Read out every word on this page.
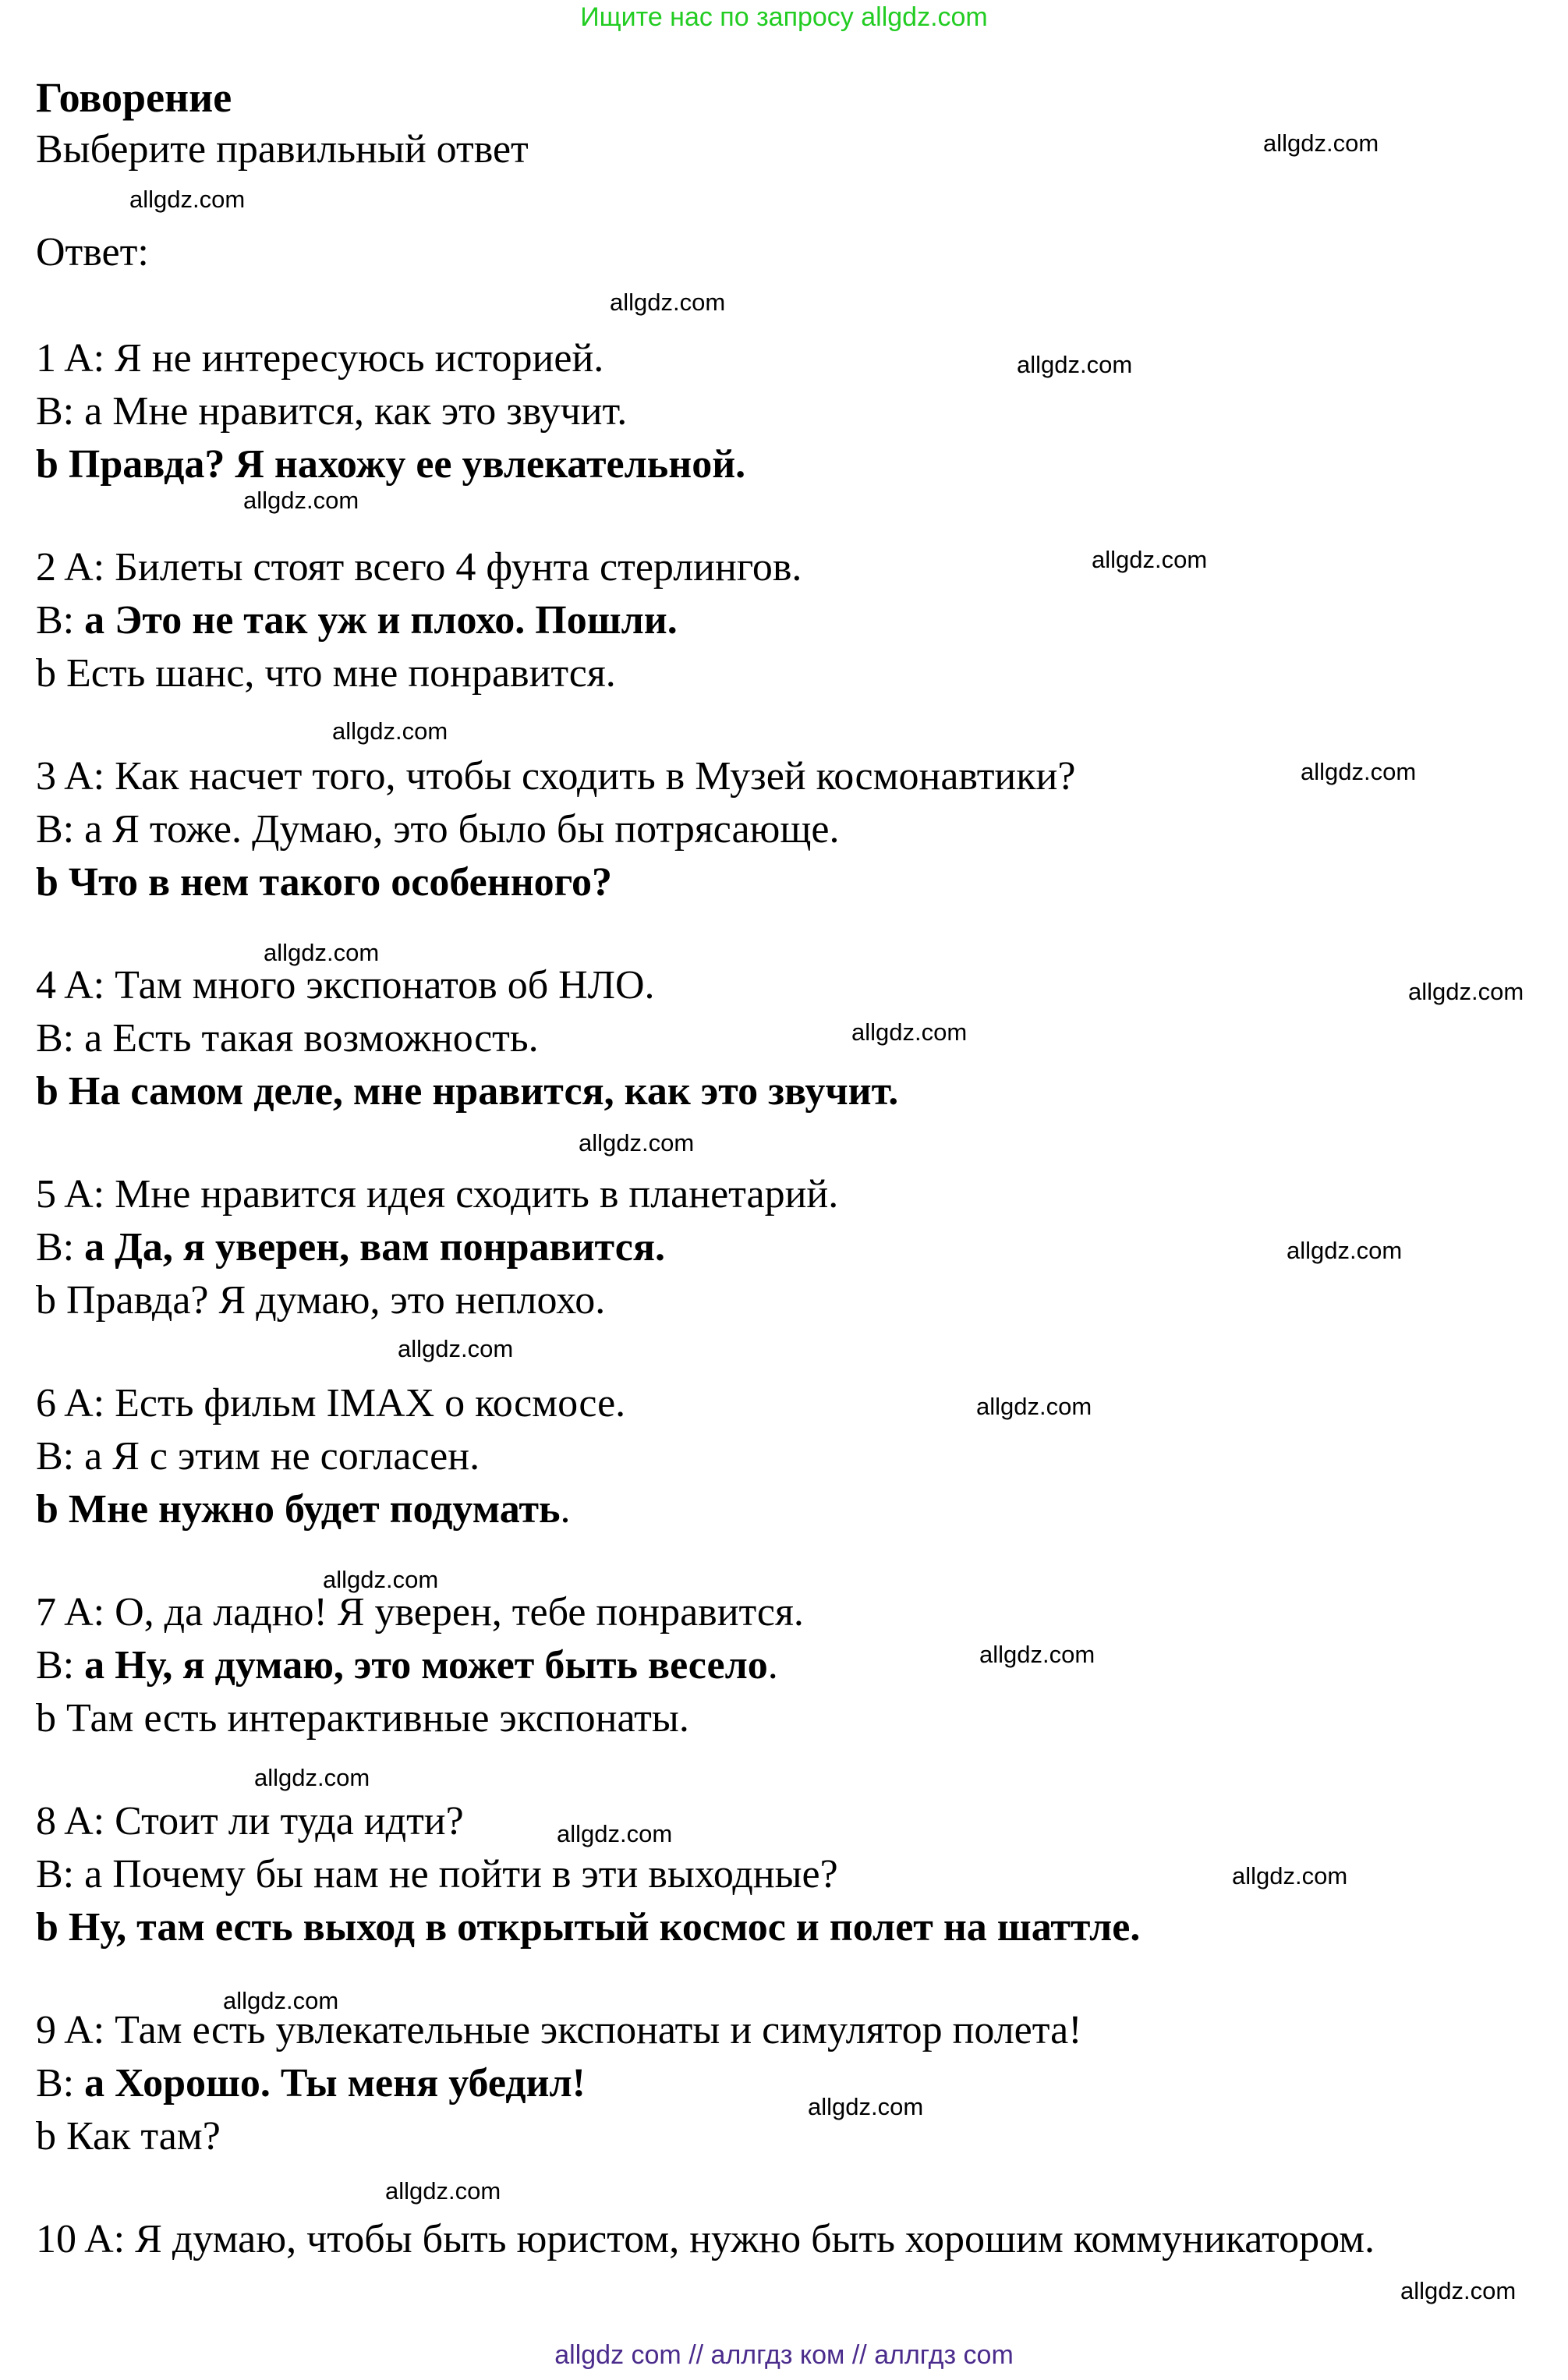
Ищите нас по запросу allgdz.com

Говорение

Выберите правильный ответ

Ответ:

1 A: Я не интересуюсь историей.
B: а Мне нравится, как это звучит.
b Правда? Я нахожу ее увлекательной.
2 A: Билеты стоят всего 4 фунта стерлингов.
B: а Это не так уж и плохо. Пошли.
b Есть шанс, что мне понравится.
3 A: Как насчет того, чтобы сходить в Музей космонавтики?
B: а Я тоже. Думаю, это было бы потрясающе.
b Что в нем такого особенного?
4 A: Там много экспонатов об НЛО.
B: а Есть такая возможность.
b На самом деле, мне нравится, как это звучит.
5 A: Мне нравится идея сходить в планетарий.
B: а Да, я уверен, вам понравится.
b Правда? Я думаю, это неплохо.
6 A: Есть фильм IMAX о космосе.
B: а Я с этим не согласен.
b Мне нужно будет подумать.
7 A: О, да ладно! Я уверен, тебе понравится.
B: а Ну, я думаю, это может быть весело.
b Там есть интерактивные экспонаты.
8 A: Стоит ли туда идти?
B: а Почему бы нам не пойти в эти выходные?
b Ну, там есть выход в открытый космос и полет на шаттле.
9 A: Там есть увлекательные экспонаты и симулятор полета!
B: а Хорошо. Ты меня убедил!
b Как там?
10 A: Я думаю, чтобы быть юристом, нужно быть хорошим коммуникатором.
allgdz.com
allgdz.com
allgdz.com
allgdz.com
allgdz.com
allgdz.com
allgdz.com
allgdz.com
allgdz.com
allgdz.com
allgdz.com
allgdz.com
allgdz.com
allgdz.com
allgdz.com
allgdz.com
allgdz.com
allgdz.com
allgdz.com
allgdz.com
allgdz.com
allgdz.com
allgdz.com
allgdz.com
allgdz com // аллгдз ком // аллгдз com
